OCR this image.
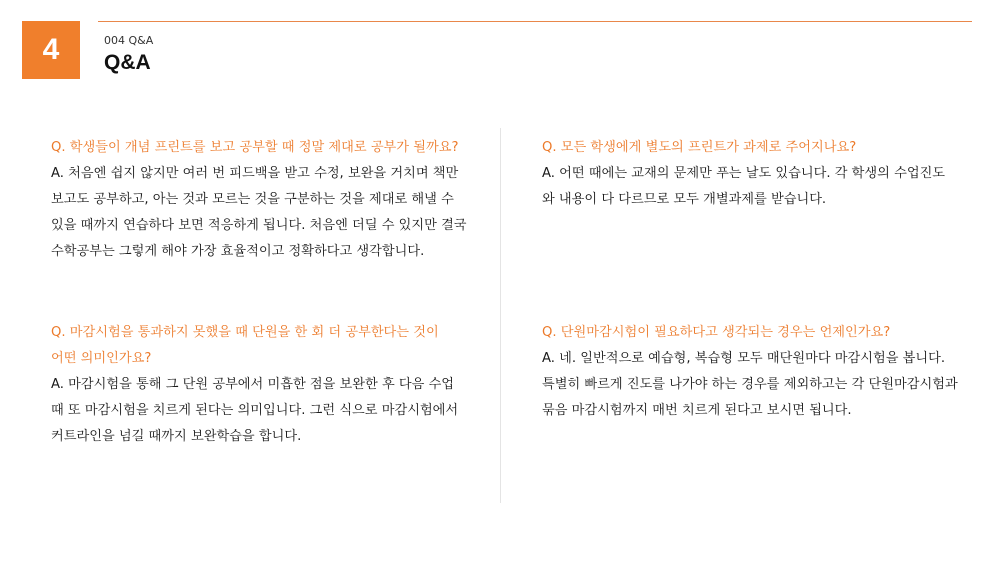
4	004 Q&A
Q&A
Q. 학생들이 개념 프린트를 보고 공부할 때 정말 제대로 공부가 될까요?
A. 처음엔 쉽지 않지만 여러 번 피드백을 받고 수정, 보완을 거치며 책만
보고도 공부하고, 아는 것과 모르는 것을 구분하는 것을 제대로 해낼 수
있을 때까지 연습하다 보면 적응하게 됩니다. 처음엔 더딜 수 있지만 결국
수학공부는 그렇게 해야 가장 효율적이고 정확하다고 생각합니다.
Q. 모든 학생에게 별도의 프린트가 과제로 주어지나요?
A. 어떤 때에는 교재의 문제만 푸는 날도 있습니다. 각 학생의 수업진도
와 내용이 다 다르므로 모두 개별과제를 받습니다.
Q. 마감시험을 통과하지 못했을 때 단원을 한 회 더 공부한다는 것이
어떤 의미인가요?
A. 마감시험을 통해 그 단원 공부에서 미흡한 점을 보완한 후 다음 수업
때 또 마감시험을 치르게 된다는 의미입니다. 그런 식으로 마감시험에서
커트라인을 넘길 때까지 보완학습을 합니다.
Q. 단원마감시험이 필요하다고 생각되는 경우는 언제인가요?
A. 네. 일반적으로 예습형, 복습형 모두 매단원마다 마감시험을 봅니다.
특별히 빠르게 진도를 나가야 하는 경우를 제외하고는 각 단원마감시험과
묶음 마감시험까지 매번 치르게 된다고 보시면 됩니다.
